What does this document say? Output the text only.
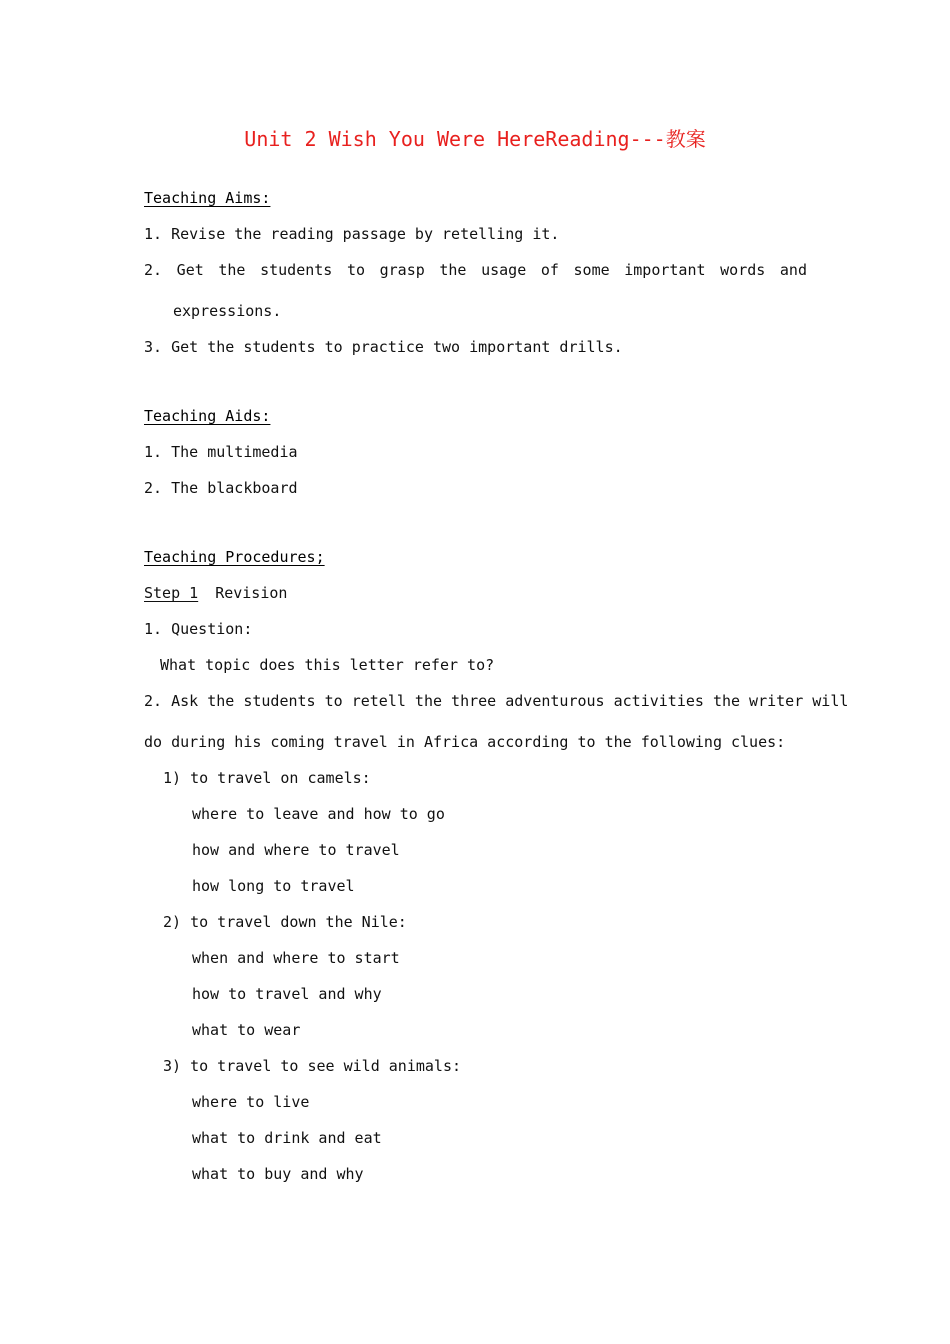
Unit 2 Wish You Were HereReading---教案
Teaching Aims:
1. Revise the reading passage by retelling it.
2. Get the students to grasp the usage of some important words and
expressions.
3. Get the students to practice two important drills.
Teaching Aids:
1. The multimedia
2. The blackboard
Teaching Procedures;
Step 1 Revision
1. Question:
What topic does this letter refer to?
2. Ask the students to retell the three adventurous activities the writer will
do during his coming travel in Africa according to the following clues:
1) to travel on camels:
where to leave and how to go
how and where to travel
how long to travel
2) to travel down the Nile:
when and where to start
how to travel and why
what to wear
3) to travel to see wild animals:
where to live
what to drink and eat
what to buy and why
